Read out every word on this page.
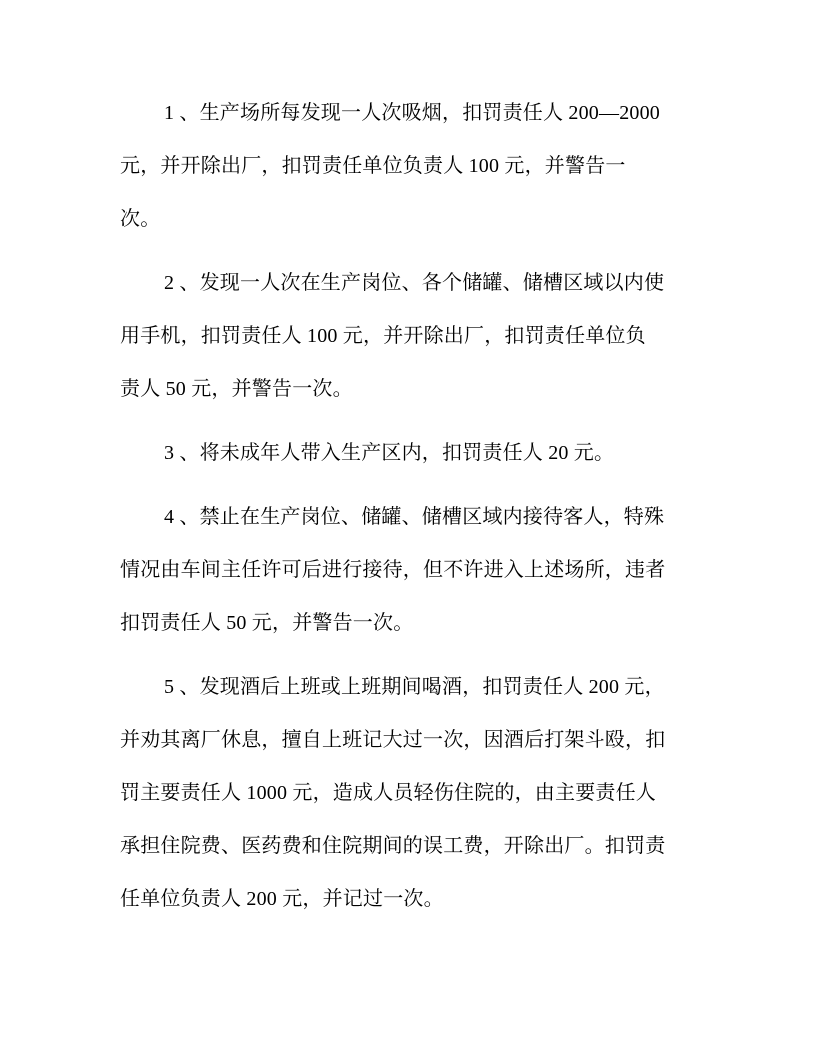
1 、生产场所每发现一人次吸烟，扣罚责任人 200—2000
元，并开除出厂，扣罚责任单位负责人 100 元，并警告一
次。
2 、发现一人次在生产岗位、各个储罐、储槽区域以内使
用手机，扣罚责任人 100 元，并开除出厂，扣罚责任单位负
责人 50 元，并警告一次。
3 、将未成年人带入生产区内，扣罚责任人 20 元。
4 、禁止在生产岗位、储罐、储槽区域内接待客人，特殊
情况由车间主任许可后进行接待，但不许进入上述场所，违者
扣罚责任人 50 元，并警告一次。
5 、发现酒后上班或上班期间喝酒，扣罚责任人 200 元，
并劝其离厂休息，擅自上班记大过一次，因酒后打架斗殴，扣
罚主要责任人 1000 元，造成人员轻伤住院的，由主要责任人
承担住院费、医药费和住院期间的误工费，开除出厂。扣罚责
任单位负责人 200 元，并记过一次。
